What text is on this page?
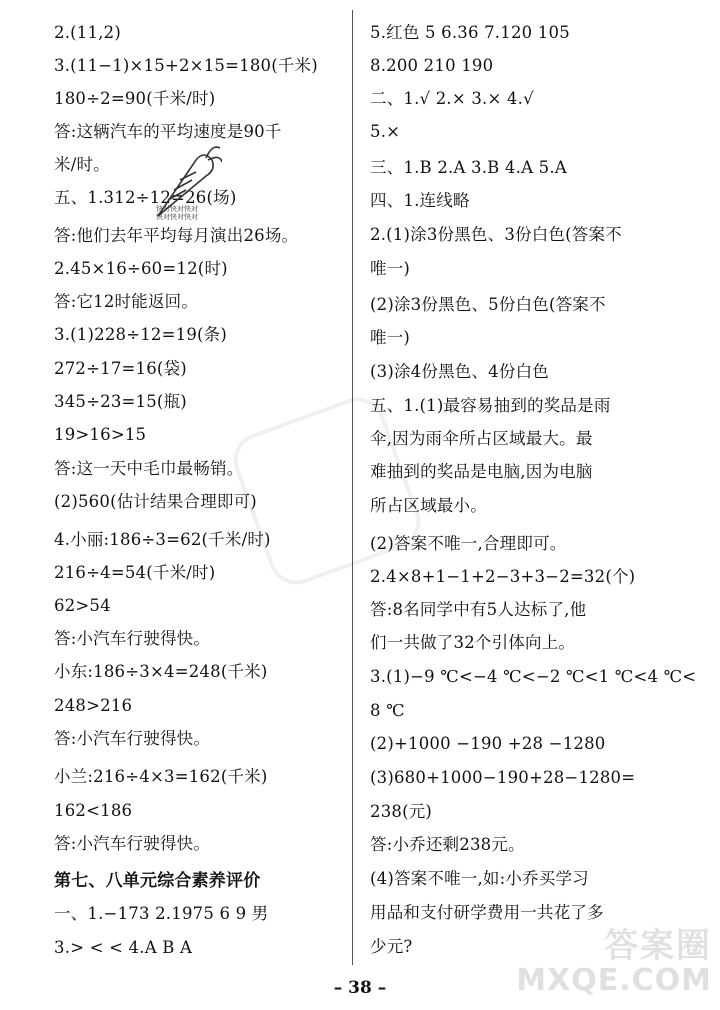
2.(11,2)
3.(11−1)×15+2×15=180(千米)
180÷2=90(千米/时)
答:这辆汽车的平均速度是90千
米/时。
五、1.312÷12=26(场)
答:他们去年平均每月演出26场。
2.45×16÷60=12(时)
答:它12时能返回。
3.(1)228÷12=19(条)
272÷17=16(袋)
345÷23=15(瓶)
19>16>15
答:这一天中毛巾最畅销。
(2)560(估计结果合理即可)
4.小丽:186÷3=62(千米/时)
216÷4=54(千米/时)
62>54
答:小汽车行驶得快。
小东:186÷3×4=248(千米)
248>216
答:小汽车行驶得快。
小兰:216÷4×3=162(千米)
162<186
答:小汽车行驶得快。
第七、八单元综合素养评价
一、1.−173 2.1975 6 9 男
3.> < < 4.A B A
5.红色 5 6.36 7.120 105
8.200 210 190
二、1.√ 2.× 3.× 4.√
5.×
三、1.B 2.A 3.B 4.A 5.A
四、1.连线略
2.(1)涂3份黑色、3份白色(答案不
唯一)
(2)涂3份黑色、5份白色(答案不
唯一)
(3)涂4份黑色、4份白色
五、1.(1)最容易抽到的奖品是雨
伞,因为雨伞所占区域最大。最
难抽到的奖品是电脑,因为电脑
所占区域最小。
(2)答案不唯一,合理即可。
2.4×8+1−1+2−3+3−2=32(个)
答:8名同学中有5人达标了,他
们一共做了32个引体向上。
3.(1)−9 ℃<−4 ℃<−2 ℃<1 ℃<4 ℃<
8 ℃
(2)+1000 −190 +28 −1280
(3)680+1000−190+28−1280=
238(元)
答:小乔还剩238元。
(4)答案不唯一,如:小乔买学习
用品和支付研学费用一共花了多
少元?
快对快对快对
快对快对快对
– 38 –
答案圈
MXQE.COM
